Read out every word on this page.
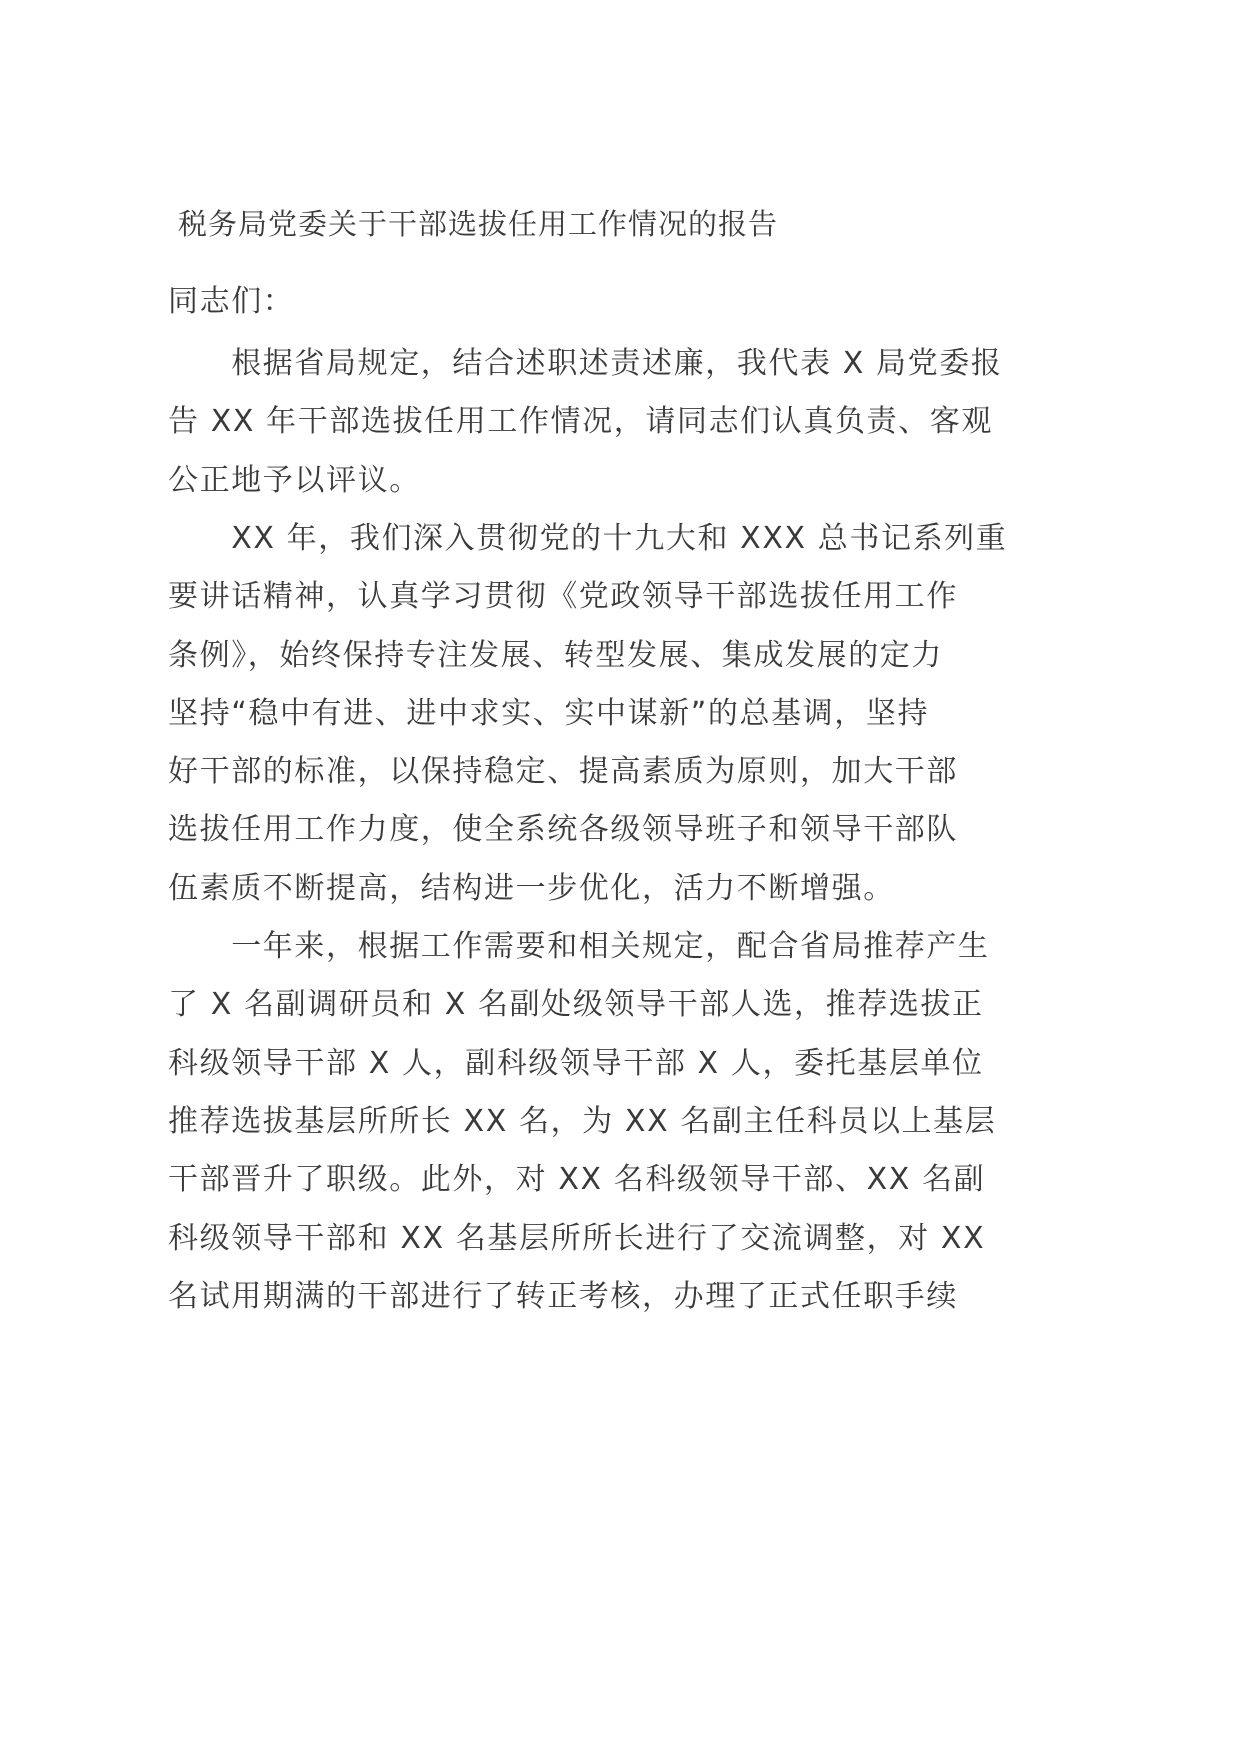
税务局党委关于干部选拔任用工作情况的报告
同志们：
　　根据省局规定，结合述职述责述廉，我代表 X 局党委报
告 XX 年干部选拔任用工作情况，请同志们认真负责、客观
公正地予以评议。
　　XX 年，我们深入贯彻党的十九大和 XXX 总书记系列重
要讲话精神，认真学习贯彻《党政领导干部选拔任用工作
条例》，始终保持专注发展、转型发展、集成发展的定力
坚持“稳中有进、进中求实、实中谋新”的总基调，坚持
好干部的标准，以保持稳定、提高素质为原则，加大干部
选拔任用工作力度，使全系统各级领导班子和领导干部队
伍素质不断提高，结构进一步优化，活力不断增强。
　　一年来，根据工作需要和相关规定，配合省局推荐产生
了 X 名副调研员和 X 名副处级领导干部人选，推荐选拔正
科级领导干部 X 人，副科级领导干部 X 人，委托基层单位
推荐选拔基层所所长 XX 名，为 XX 名副主任科员以上基层
干部晋升了职级。此外，对 XX 名科级领导干部、XX 名副
科级领导干部和 XX 名基层所所长进行了交流调整，对 XX
名试用期满的干部进行了转正考核，办理了正式任职手续
